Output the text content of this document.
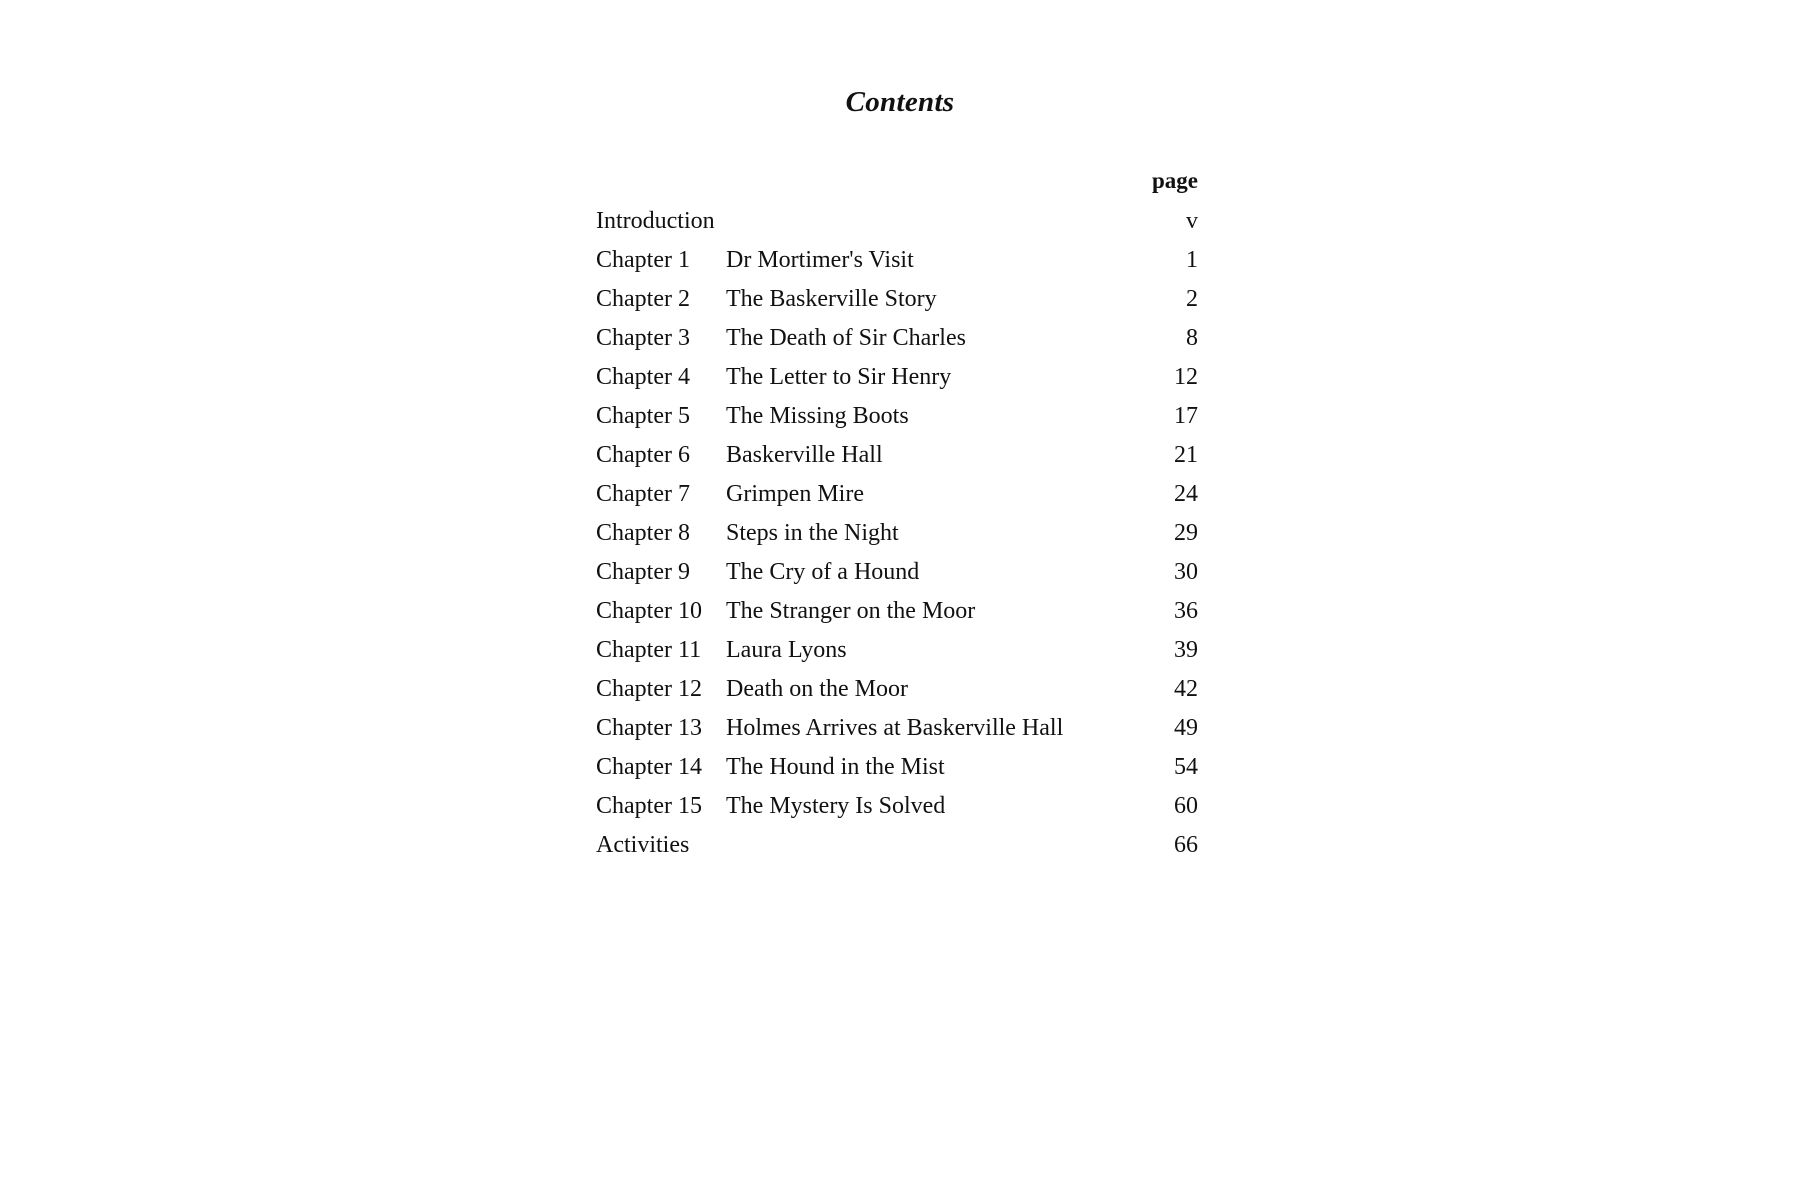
Contents
page
Introduction	v
Chapter 1 Dr Mortimer's Visit	1
Chapter 2 The Baskerville Story	2
Chapter 3 The Death of Sir Charles	8
Chapter 4 The Letter to Sir Henry	12
Chapter 5 The Missing Boots	17
Chapter 6 Baskerville Hall	21
Chapter 7 Grimpen Mire	24
Chapter 8 Steps in the Night	29
Chapter 9 The Cry of a Hound	30
Chapter 10 The Stranger on the Moor	36
Chapter 11 Laura Lyons	39
Chapter 12 Death on the Moor	42
Chapter 13 Holmes Arrives at Baskerville Hall	49
Chapter 14 The Hound in the Mist	54
Chapter 15 The Mystery Is Solved	60
Activities	66
